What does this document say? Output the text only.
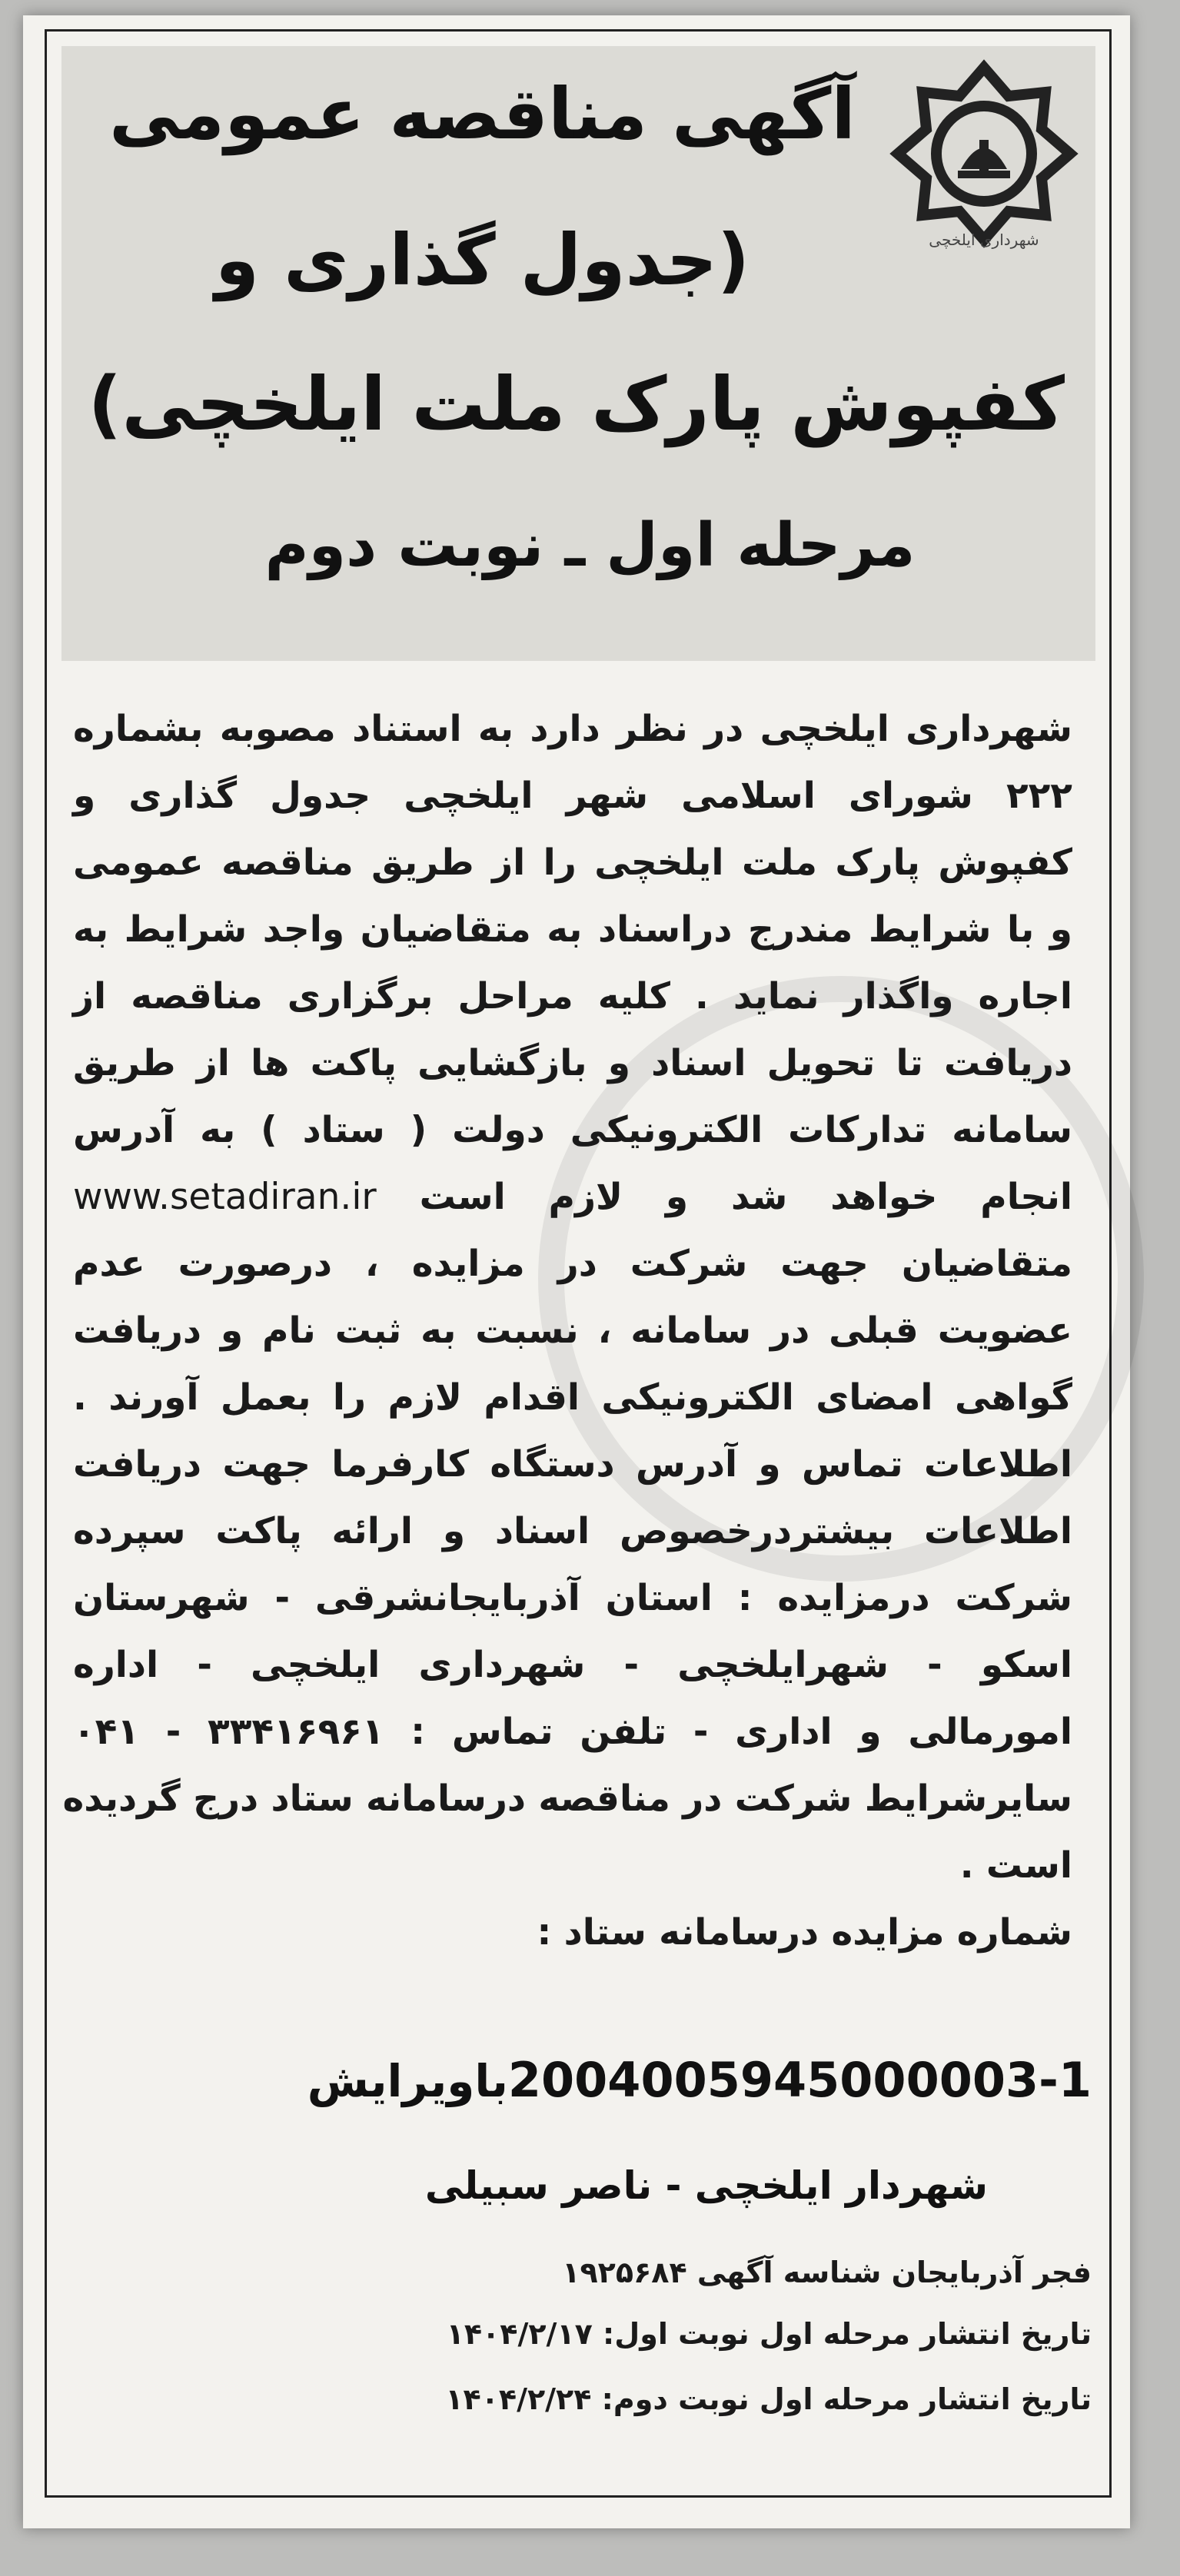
شهرداری ایلخچی
آگهی مناقصه عمومی
(جدول گذاری و
کفپوش پارک ملت ایلخچی)
مرحله اول ـ نوبت دوم
شهرداری ایلخچی در نظر دارد به استناد مصوبه بشماره
۲۲۲ شورای اسلامی شهر ایلخچی جدول گذاری و
کفپوش پارک ملت ایلخچی را از طریق مناقصه عمومی
و با شرایط مندرج دراسناد به متقاضیان واجد شرایط به
اجاره واگذار نماید . کلیه مراحل برگزاری مناقصه از
دریافت تا تحویل اسناد و بازگشایی پاکت ها از طریق
سامانه تدارکات الکترونیکی دولت ( ستاد ) به آدرس
انجام خواهد شد و لازم است www.setadiran.ir
متقاضیان جهت شرکت در مزایده ، درصورت عدم
عضویت قبلی در سامانه ، نسبت به ثبت نام و دریافت
گواهی امضای الکترونیکی اقدام لازم را بعمل آورند .
اطلاعات تماس و آدرس دستگاه کارفرما جهت دریافت
اطلاعات بیشتردرخصوص اسناد و ارائه پاکت سپرده
شرکت درمزایده : استان آذربایجانشرقی - شهرستان
اسکو - شهرایلخچی - شهرداری ایلخچی - اداره
امورمالی و اداری - تلفن تماس : ۳۳۴۱۶۹۶۱ - ۰۴۱
سایرشرایط شرکت در مناقصه درسامانه ستاد درج گردیده
است .
شماره مزایده درسامانه ستاد :
2004005945000003-1باویرایش
شهردار ایلخچی - ناصر سبیلی
فجر آذربایجان شناسه آگهی ۱۹۲۵۶۸۴
تاریخ انتشار مرحله اول نوبت اول: ۱۴۰۴/۲/۱۷
تاریخ انتشار مرحله اول نوبت دوم: ۱۴۰۴/۲/۲۴
